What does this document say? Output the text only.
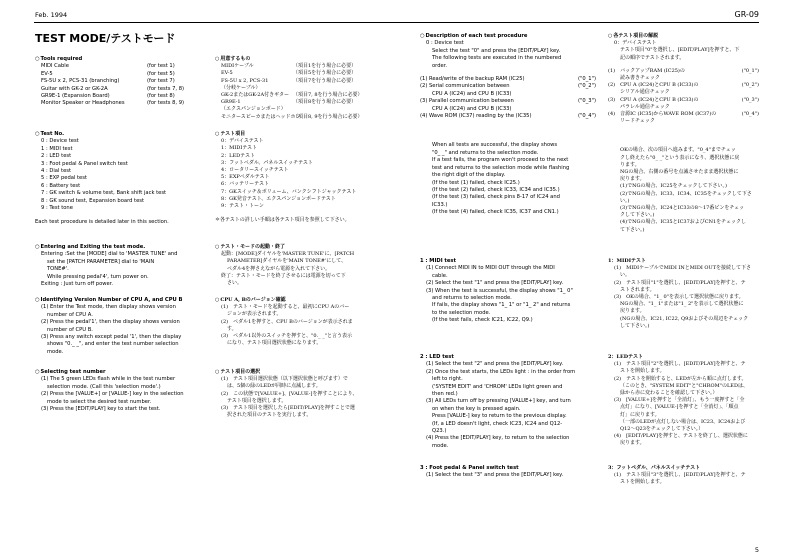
Feb. 1994	GR-09
TEST MODE/テストモード
○ Tools required
MIDI Cable	(for test 1)
EV-5	(for test 5)
FS-5U x 2, PCS-31 (branching)	(for test 7)
Guitar with GK-2 or GK-2A	(for tests 7, 8)
GR9E-1 (Expansion Board)	(for test 8)
Monitor Speaker or Headphones	(for tests 8, 9)
○ Test No.
0 : Device test
1 : MIDI test
2 : LED test
3 : Foot pedal & Panel switch test
4 : Dial test
5 : EXP pedal test
6 : Battery test
7 : GK switch & volume test, Bank shift jack test
8 : GK sound test, Expansion board test
9 : Test tone
Each test procedure is detailed later in this section.
○ Entering and Exiting the test mode.
Entering :Set the [MODE] dial to 'MASTER TUNE' and
set the [PATCH PARAMETER] dial to 'MAIN
TONE#'.
While pressing pedal'4', turn power on.
Exiting : Just turn off power.
○ Identifying Version Number of CPU A, and CPU B
(1) Enter the Test mode, then display shows version
number of CPU A.
(2) Press the pedal'1', then the display shows version
number of CPU B.
(3) Press any switch except pedal '1', then the display
shows "0._ _", and enter the test number selection
mode.
○ Selecting test number
(1) The 5 green LEDs flash while in the test number
selection mode. (Call this 'selection mode'.)
(2) Press the [VALUE+] or [VALUE-] key in the selection
mode to select the desired test number.
(3) Press the [EDIT/PLAY] key to start the test.
○ 用意するもの
MIDIケーブル	（項目1を行う場合に必要）
EV-5	（項目5を行う場合に必要）
FS-5U x 2, PCS-31	（項目7を行う場合に必要）
（分岐ケーブル）
GK-2またはGK-2A付きギター （項目7, 8を行う場合に必要）
GR9E-1	（項目8を行う場合に必要）
（エクスパンジョンボード）
モニタースピーカまたはヘッドホン
（項目8, 9を行う場合に必要）
○ テスト項目
0：デバイステスト
1：MIDIテスト
2：LEDテスト
3：フットペダル、パネルスイッチテスト
4：ロータリースイッチテスト
5：EXPペダルテスト
6：バッテリーテスト
7：GKスイッチ＆ボリューム、バンクシフトジャックテスト
8：GK発音テスト、エクスパンジョンボードテスト
9：テスト・トーン
＊各テストの詳しい手順は各テスト項目を参照して下さい。
○ テスト・モードの起動・終了
起動：[MODE]ダイヤルを'MASTER TUNE'に、[PATCH
PARAMETER]ダイヤルを'MAIN TONE#'にして、
ペダル4を押さえながら電源を入れて下さい。
終了：テスト・モードを終了させるには電源を切って下
さい。
○ CPU A, Bのバージョン確認
(1)　テスト・モードを起動すると、最初にCPU Aのバー
ジョンが表示されます。
(2)　ペダル1を押すと、CPU Bのバージョンが表示されま
す。
(3)　ペダル1以外のスイッチを押すと、"0._ _"と言う表示
になり、テスト項目選択状態になります。
○ テスト項目の選択
(1)　テスト項目選択状態（以下選択状態と呼びます）で
は、5個の緑のLEDが同時に点滅します。
(2)　この状態で[VALUE+]、[VALUE-]を押すことにより、
テスト項目を選択します。
(3)　テスト項目を選択したら[EDIT/PLAY]を押すことで選
択された項目のテストを実行します。
○ Description of each test procedure
0 : Device test
Select the test "0" and press the [EDIT/PLAY] key.
The following tests are executed in the numbered
order.
(1) Read/write of the backup RAM (IC25)	("0_1")
(2) Serial communication between	("0_2")
CPU A (IC24) and CPU B (IC33)
(3) Parallel communication between	("0_3")
CPU A (IC24) and CPU B (IC33)
(4) Wave ROM (IC37) reading by the (IC35)	("0_4")
When all tests are successful, the display shows
"0_ _" and returns to the selection mode.
If a test fails, the program won't proceed to the next
test and returns to the selection mode while flashing
the right digit of the display.
(If the test (1) failed, check IC25.)
(If the test (2) failed, check IC33, IC34 and IC35.)
(If the test (3) failed, check pins 8-17 of IC24 and
IC33.)
(If the test (4) failed, check IC35, IC37 and CN1.)
1 : MIDI test
(1) Connect MIDI IN to MIDI OUT through the MIDI
cable.
(2) Select the test "1" and press the [EDIT/PLAY] key.
(3) When the test is successful, the display shows "1_ 0"
and returns to selection mode.
If fails, the display shows "1_ 1" or "1_ 2" and returns
to the selection mode.
(If the test fails, check IC21, IC22, Q9.)
2 : LED test
(1) Select the test "2" and press the [EDIT/PLAY] key.
(2) Once the test starts, the LEDs light : in the order from
left to right.
('SYSTEM EDIT' and 'CHROM' LEDs light green and
then red.)
(3) All LEDs turn off by pressing [VALUE+] key, and turn
on when the key is pressed again.
Press [VALUE-] key to return to the previous display.
(If, a LED doesn't light, check IC23, IC24 and Q12-
Q23.)
(4) Press the [EDIT/PLAY] key, to return to the selection
mode.
3 : Foot pedal & Panel switch test
(1) Select the test "3" and press the [EDIT/PLAY] key.
○ 各テスト項目の解説
0：デバイステスト
テスト項目"0"を選択し、[EDIT/PLAY]を押すと、下
記の順序でテストされます。
(1)　バックアップRAM (IC25)の	("0_1")
読み書きチェック
(2)　CPU A (IC24)とCPU B (IC33)の	("0_2")
シリアル通信チェック
(3)　CPU A (IC24)とCPU B (IC33)の	("0_3")
パラレル通信チェック
(4)　音源IC (IC35)からWAVE ROM (IC37)の	("0_4")
リードチェック
OKの場合、次の項目へ進みます。"0_4"までチェッ
クし終えたら"0_ _"という表示になり、選択状態に戻
ります。
NGの場合、右側の番号を点滅させたまま選択状態に
戻ります。
(1)でNGの場合、IC25をチェックして下さい。)
(2)でNGの場合、IC33、IC34、IC35をチェックして下さ
い。)
(3)でNGの場合、IC24とIC33の8〜17番ピンをチェッ
クして下さい。)
(4)でNGの場合、IC35とIC37およびCN1をチェックし
て下さい。)
1：MIDIテスト
(1)　MIDIケーブルでMIDI INとMIDI OUTを接続して下さ
い。
(2)　テスト項目"1"を選択し、[EDIT/PLAY]を押すと、テ
ストされます。
(3)　OKの場合、"1_ 0"を表示して選択状態に戻ります。
NGの場合、"1_ 1"または"1_ 2"を表示して選択状態に
戻ります。
(NGの場合、IC21, IC22, Q9およびその周辺をチェック
して下さい。)
2：LEDテスト
(1)　テスト項目"2"を選択し、[EDIT/PLAY]を押すと、テ
ストを開始します。
(2)　テストを開始すると、LEDが左から順に点灯します。
（このとき、"SYSTEM EDIT"と"CHROM"のLEDは、
緑から赤に変わることを確認して下さい。）
(3)　[VALUE+]を押すと「全消灯」、もう一度押すと「全
点灯」になり、[VALUE-]を押すと「全消灯」、「順点
灯」に戻ります。
（一部のLEDが点灯しない場合は、IC23、IC24および
Q12〜Q23をチェックして下さい。）
(4)　[EDIT/PLAY]を押すと、テストを終了し、選択状態に
戻ります。
3：フットペダル、パネルスイッチテスト
(1)　テスト項目"3"を選択し、[EDIT/PLAY]を押すと、テ
ストを開始します。
5
